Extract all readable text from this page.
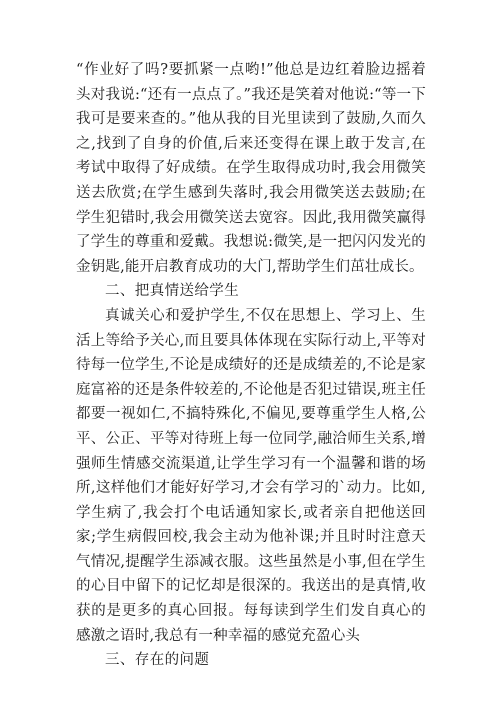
“作业好了吗?要抓紧一点哟!”他总是边红着脸边摇着头对我说:“还有一点点了。”我还是笑着对他说:“等一下我可是要来查的。”他从我的目光里读到了鼓励,久而久之,找到了自身的价值,后来还变得在课上敢于发言,在考试中取得了好成绩。在学生取得成功时,我会用微笑送去欣赏;在学生感到失落时,我会用微笑送去鼓励;在学生犯错时,我会用微笑送去宽容。因此,我用微笑赢得了学生的尊重和爱戴。我想说:微笑,是一把闪闪发光的金钥匙,能开启教育成功的大门,帮助学生们茁壮成长。

二、把真情送给学生

真诚关心和爱护学生,不仅在思想上、学习上、生活上等给予关心,而且要具体体现在实际行动上,平等对待每一位学生,不论是成绩好的还是成绩差的,不论是家庭富裕的还是条件较差的,不论他是否犯过错误,班主任都要一视如仁,不搞特殊化,不偏见,要尊重学生人格,公平、公正、平等对待班上每一位同学,融洽师生关系,增强师生情感交流渠道,让学生学习有一个温馨和谐的场所,这样他们才能好好学习,才会有学习的`动力。比如,学生病了,我会打个电话通知家长,或者亲自把他送回家;学生病假回校,我会主动为他补课;并且时时注意天气情况,提醒学生添减衣服。这些虽然是小事,但在学生的心目中留下的记忆却是很深的。我送出的是真情,收获的是更多的真心回报。每每读到学生们发自真心的感激之语时,我总有一种幸福的感觉充盈心头

三、存在的问题
